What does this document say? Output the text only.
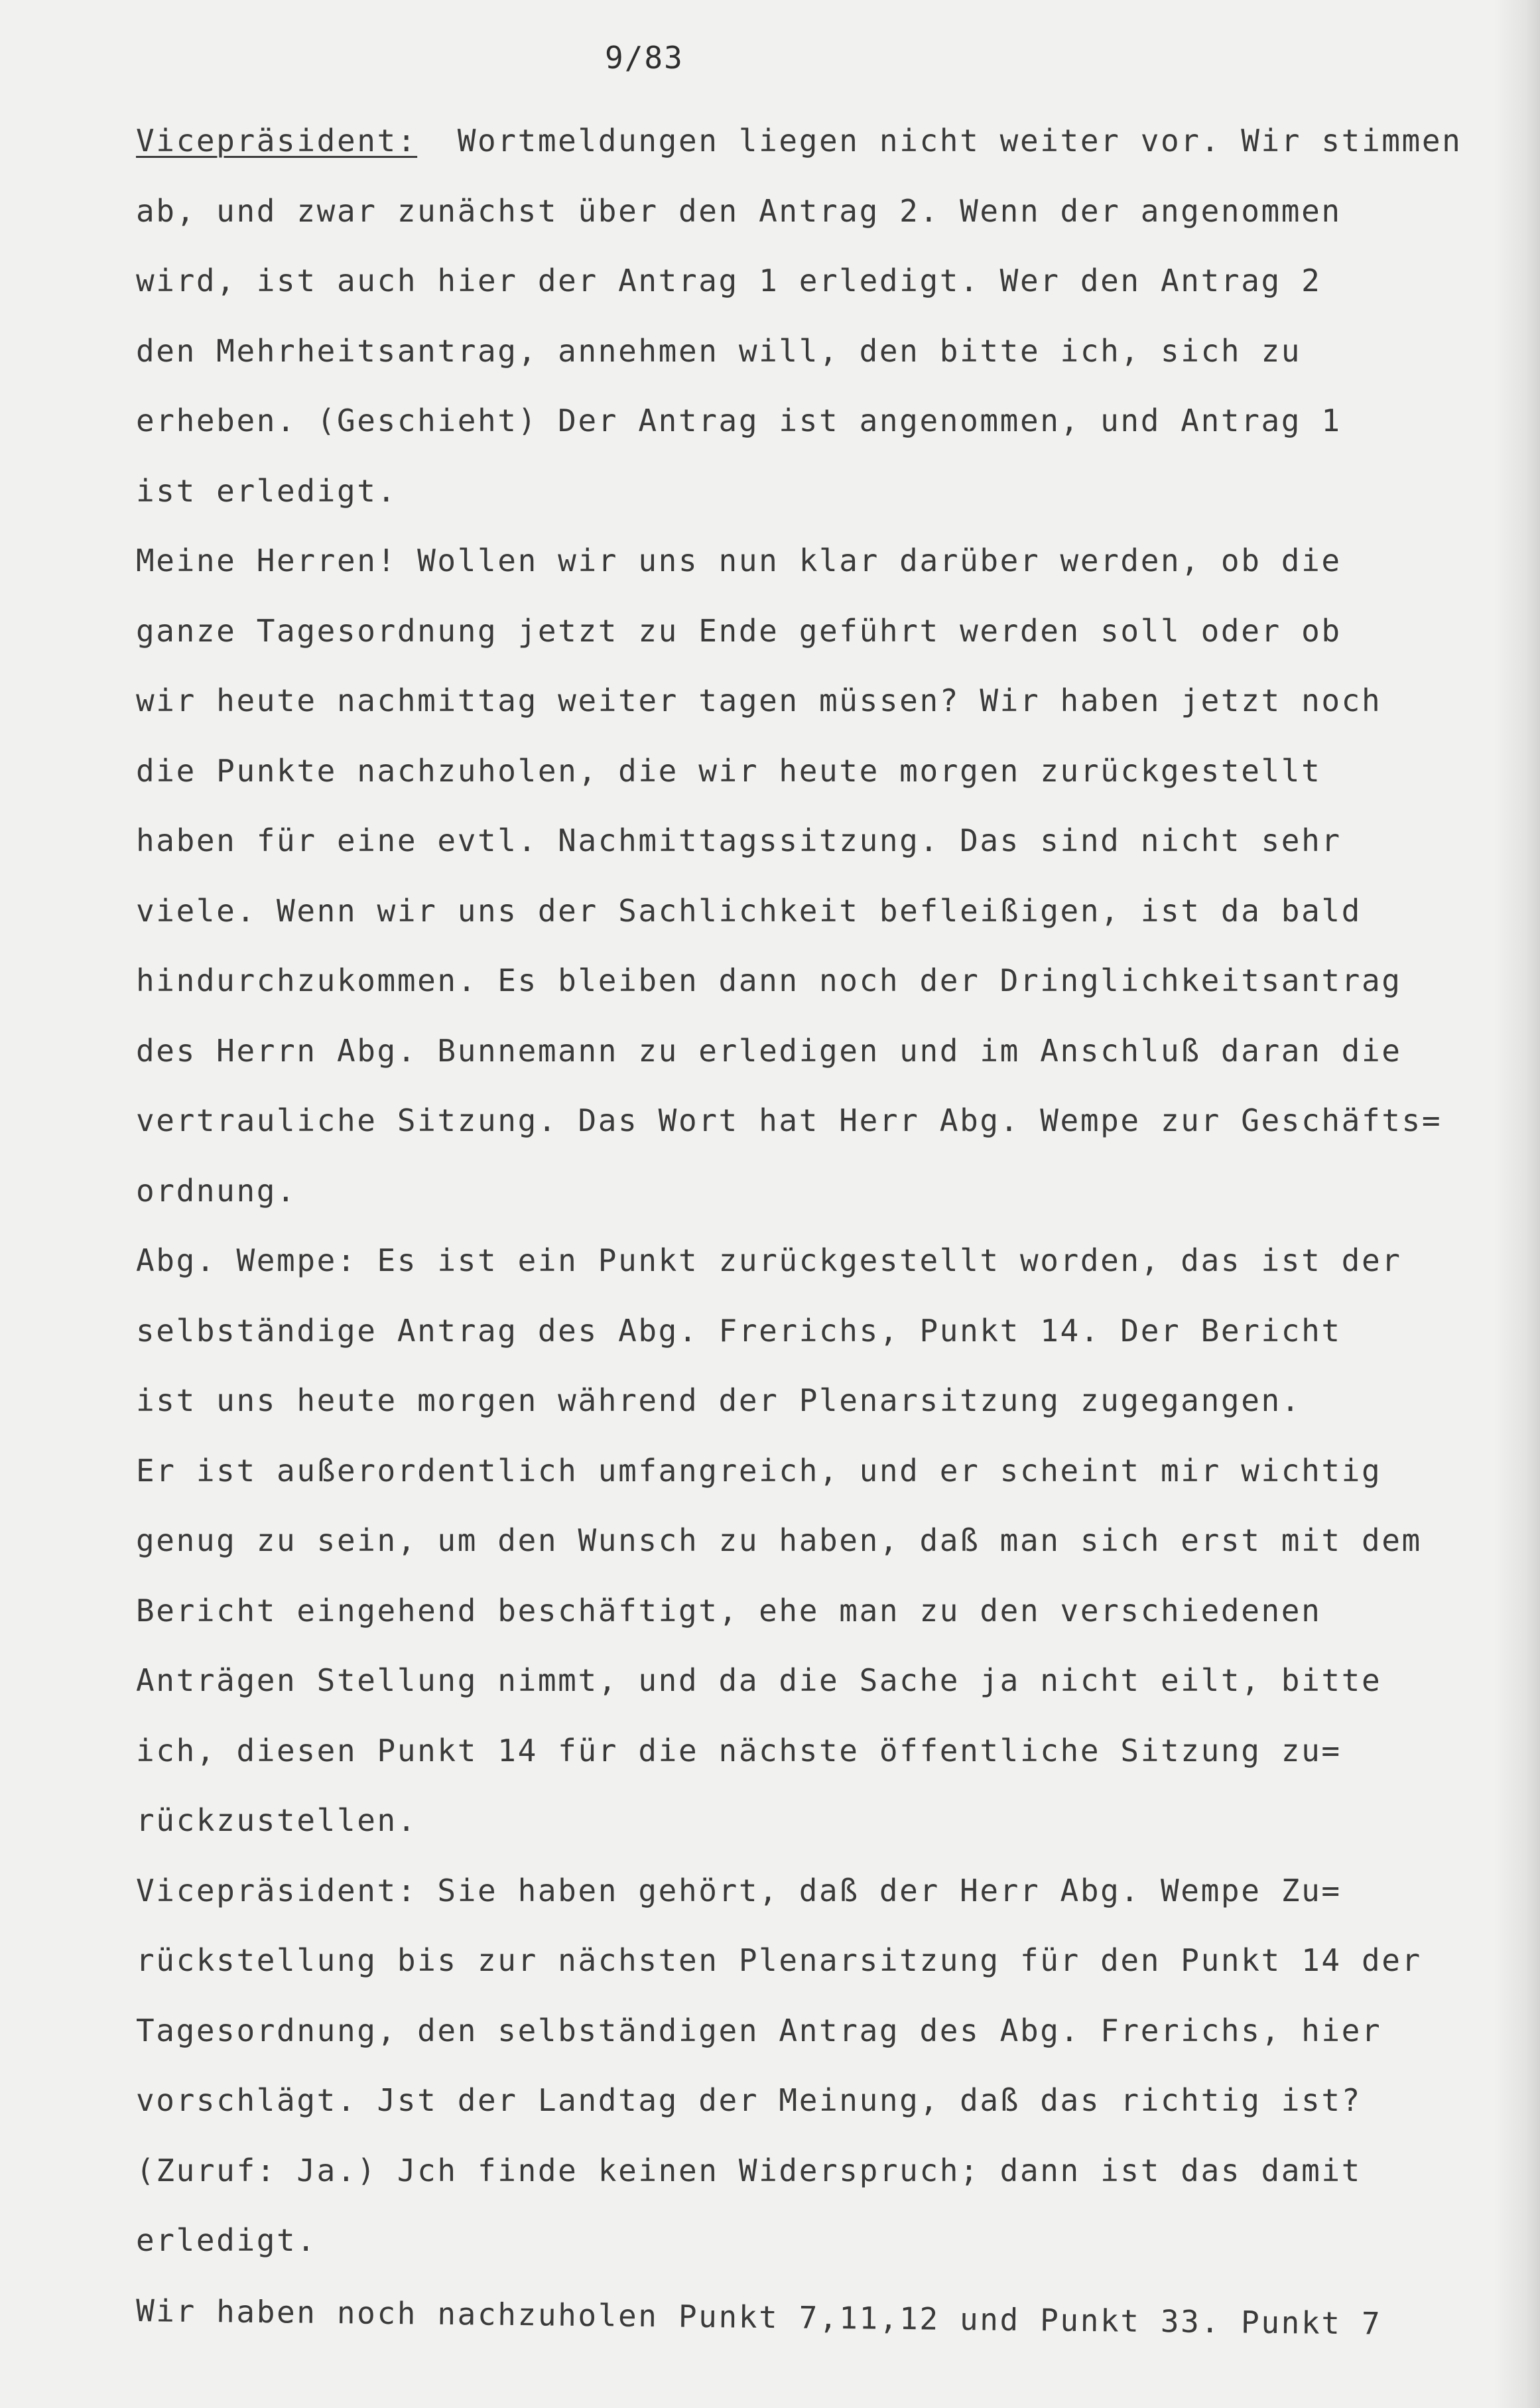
9/83
Vicepräsident:  Wortmeldungen liegen nicht weiter vor. Wir stimmen
ab, und zwar zunächst über den Antrag 2. Wenn der angenommen
wird, ist auch hier der Antrag 1 erledigt. Wer den Antrag 2
den Mehrheitsantrag, annehmen will, den bitte ich, sich zu
erheben. (Geschieht) Der Antrag ist angenommen, und Antrag 1
ist erledigt.
Meine Herren! Wollen wir uns nun klar darüber werden, ob die
ganze Tagesordnung jetzt zu Ende geführt werden soll oder ob
wir heute nachmittag weiter tagen müssen? Wir haben jetzt noch
die Punkte nachzuholen, die wir heute morgen zurückgestellt
haben für eine evtl. Nachmittagssitzung. Das sind nicht sehr
viele. Wenn wir uns der Sachlichkeit befleißigen, ist da bald
hindurchzukommen. Es bleiben dann noch der Dringlichkeitsantrag
des Herrn Abg. Bunnemann zu erledigen und im Anschluß daran die
vertrauliche Sitzung. Das Wort hat Herr Abg. Wempe zur Geschäfts=
ordnung.
Abg. Wempe: Es ist ein Punkt zurückgestellt worden, das ist der
selbständige Antrag des Abg. Frerichs, Punkt 14. Der Bericht
ist uns heute morgen während der Plenarsitzung zugegangen.
Er ist außerordentlich umfangreich, und er scheint mir wichtig
genug zu sein, um den Wunsch zu haben, daß man sich erst mit dem
Bericht eingehend beschäftigt, ehe man zu den verschiedenen
Anträgen Stellung nimmt, und da die Sache ja nicht eilt, bitte
ich, diesen Punkt 14 für die nächste öffentliche Sitzung zu=
rückzustellen.
Vicepräsident: Sie haben gehört, daß der Herr Abg. Wempe Zu=
rückstellung bis zur nächsten Plenarsitzung für den Punkt 14 der
Tagesordnung, den selbständigen Antrag des Abg. Frerichs, hier
vorschlägt. Jst der Landtag der Meinung, daß das richtig ist?
(Zuruf: Ja.) Jch finde keinen Widerspruch; dann ist das damit
erledigt.
Wir haben noch nachzuholen Punkt 7,11,12 und Punkt 33. Punkt 7
